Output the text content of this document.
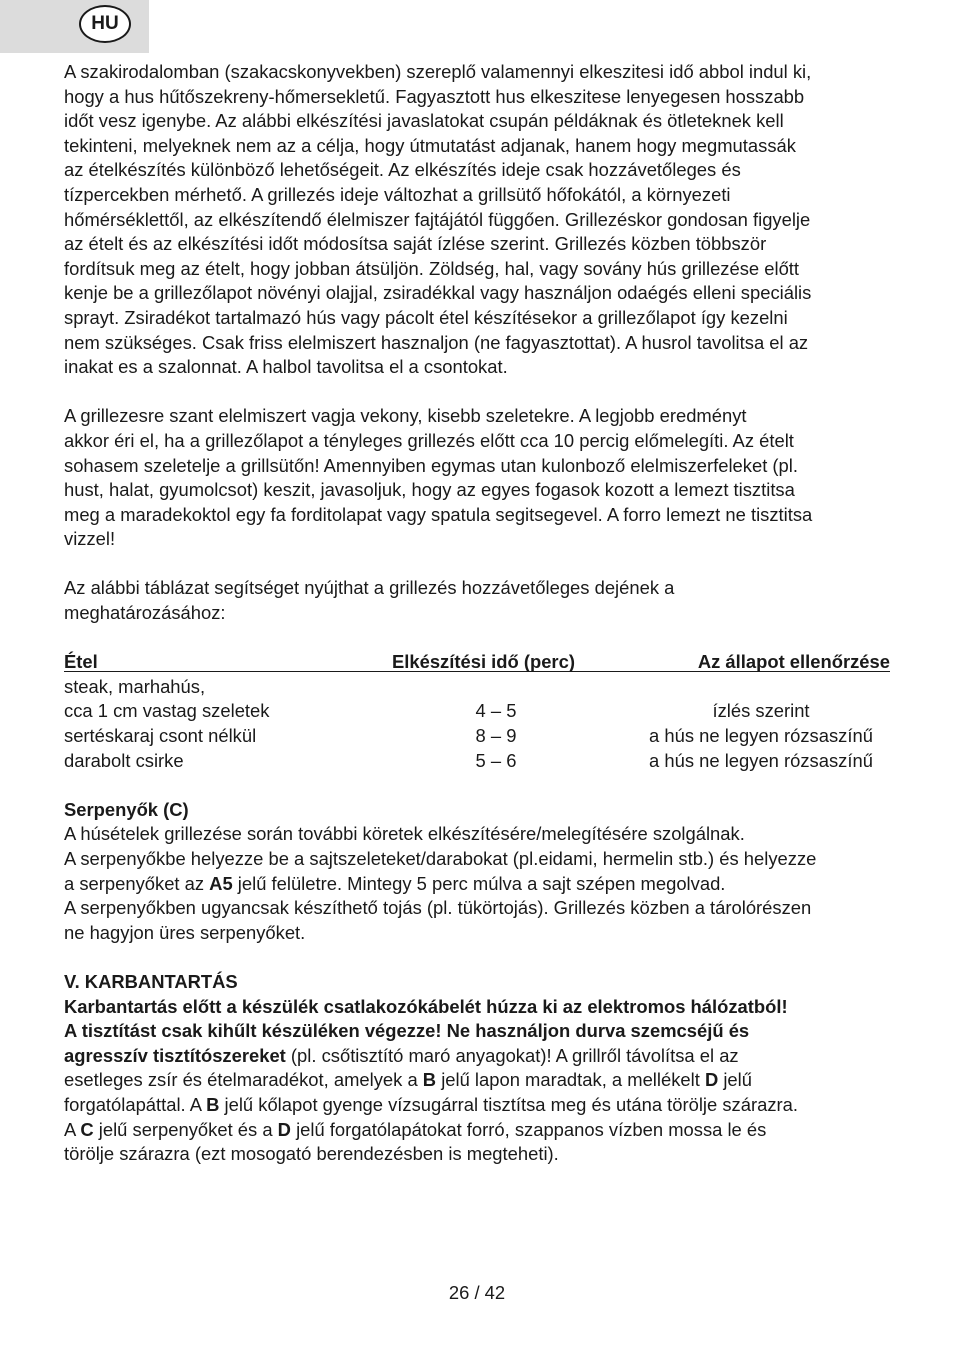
HU

A szakirodalomban (szakacskonyvekben) szereplő valamennyi elkeszitesi idő abbol indul ki,
hogy a hus hűtőszekreny-hőmersekletű. Fagyasztott hus elkeszitese lenyegesen hosszabb
időt vesz igenybe. Az alábbi elkészítési javaslatokat csupán példáknak és ötleteknek kell
tekinteni, melyeknek nem az a célja, hogy útmutatást adjanak, hanem hogy megmutassák
az ételkészítés különböző lehetőségeit. Az elkészítés ideje csak hozzávetőleges és
tízpercekben mérhető. A grillezés ideje változhat a grillsütő hőfokától, a környezeti
hőmérséklettől, az elkészítendő élelmiszer fajtájától függően. Grillezéskor gondosan figyelje
az ételt és az elkészítési időt módosítsa saját ízlése szerint. Grillezés közben többször
fordítsuk meg az ételt, hogy jobban átsüljön. Zöldség, hal, vagy sovány hús grillezése előtt
kenje be a grillezőlapot növényi olajjal, zsiradékkal vagy használjon odaégés elleni speciális
sprayt. Zsiradékot tartalmazó hús vagy pácolt étel készítésekor a grillezőlapot így kezelni
nem szükséges. Csak friss elelmiszert hasznaljon (ne fagyasztottat). A husrol tavolitsa el az
inakat es a szalonnat. A halbol tavolitsa el a csontokat.

A grillezesre szant elelmiszert vagja vekony, kisebb szeletekre. A legjobb eredményt
akkor éri el, ha a grillezőlapot a tényleges grillezés előtt cca 10 percig előmelegíti. Az ételt
sohasem szeletelje a grillsütőn! Amennyiben egymas utan kulonboző elelmiszerfeleket (pl.
hust, halat, gyumolcsot) keszit, javasoljuk, hogy az egyes fogasok kozott a lemezt tisztitsa
meg a maradekoktol egy fa forditolapat vagy spatula segitsegevel. A forro lemezt ne tisztitsa
vizzel!

Az alábbi táblázat segítséget nyújthat a grillezés hozzávetőleges dejének a
meghatározásához:

Étel	Elkészítési idő (perc)	Az állapot ellenőrzése
steak, marhahús,
cca 1 cm vastag szeletek	4 – 5	ízlés szerint
sertéskaraj csont nélkül	8 – 9	a hús ne legyen rózsaszínű
darabolt csirke	5 – 6	a hús ne legyen rózsaszínű

Serpenyők (C)
A húsételek grillezése során további köretek elkészítésére/melegítésére szolgálnak.
A serpenyőkbe helyezze be a sajtszeleteket/darabokat (pl.eidami, hermelin stb.) és helyezze
a serpenyőket az A5 jelű felületre. Mintegy 5 perc múlva a sajt szépen megolvad.
A serpenyőkben ugyancsak készíthető tojás (pl. tükörtojás). Grillezés közben a tárolórészen
ne hagyjon üres serpenyőket.

V. KARBANTARTÁS
Karbantartás előtt a készülék csatlakozókábelét húzza ki az elektromos hálózatból!
A tisztítást csak kihűlt készüléken végezze! Ne használjon durva szemcséjű és
agresszív tisztítószereket (pl. csőtisztító maró anyagokat)! A grillről távolítsa el az
esetleges zsír és ételmaradékot, amelyek a B jelű lapon maradtak, a mellékelt D jelű
forgatólapáttal. A B jelű kőlapot gyenge vízsugárral tisztítsa meg és utána törölje szárazra.
A C jelű serpenyőket és a D jelű forgatólapátokat forró, szappanos vízben mossa le és
törölje szárazra (ezt mosogató berendezésben is megteheti).

26 / 42
